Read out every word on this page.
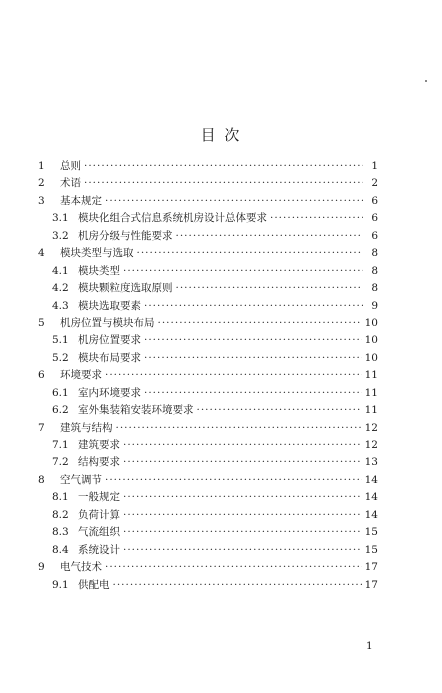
目 次
1	总则 ·····	1
2	术语 ·····	2
3	基本规定 ·····	6
3.1 模块化组合式信息系统机房设计总体要求 ·····	6
3.2 机房分级与性能要求 ·····	6
4	模块类型与选取 ·····	8
4.1 模块类型 ·····	8
4.2 模块颗粒度选取原则 ·····	8
4.3 模块选取要素 ·····	9
5	机房位置与模块布局 ·····	10
5.1 机房位置要求 ·····	10
5.2 模块布局要求 ·····	10
6	环境要求 ·····	11
6.1 室内环境要求 ·····	11
6.2 室外集装箱安装环境要求 ·····	11
7	建筑与结构 ·····	12
7.1 建筑要求 ·····	12
7.2 结构要求 ·····	13
8	空气调节 ·····	14
8.1 一般规定 ·····	14
8.2 负荷计算 ·····	14
8.3 气流组织 ·····	15
8.4 系统设计 ·····	15
9	电气技术 ·····	17
9.1 供配电 ·····	17
1
